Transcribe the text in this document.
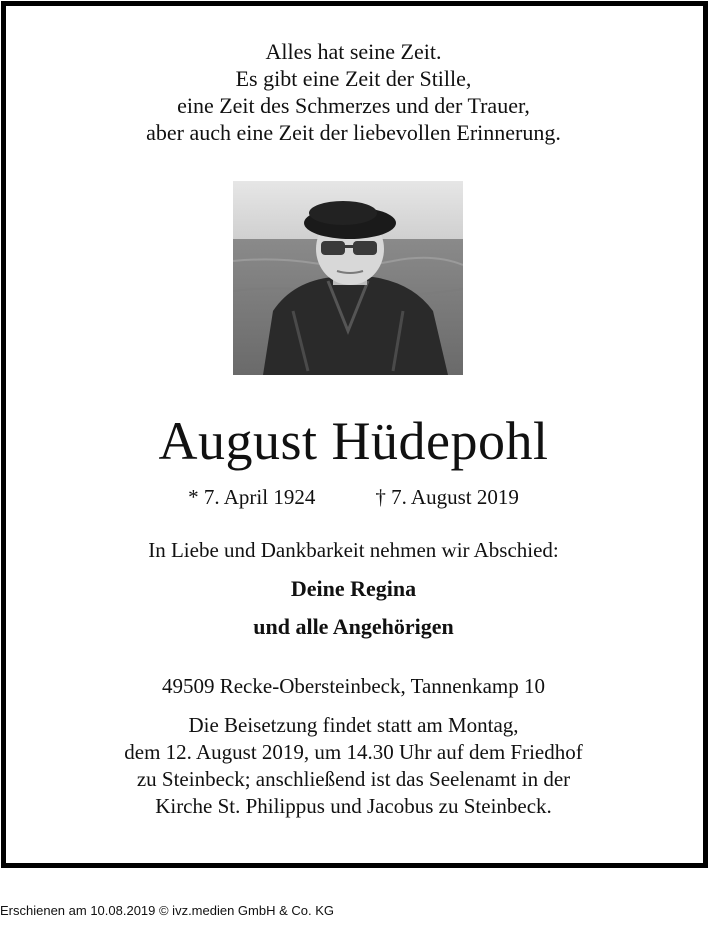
Alles hat seine Zeit.
Es gibt eine Zeit der Stille,
eine Zeit des Schmerzes und der Trauer,
aber auch eine Zeit der liebevollen Erinnerung.
August Hüdepohl
* 7. April 1924	† 7. August 2019
In Liebe und Dankbarkeit nehmen wir Abschied:
Deine Regina
und alle Angehörigen
49509 Recke-Obersteinbeck, Tannenkamp 10
Die Beisetzung findet statt am Montag,
dem 12. August 2019, um 14.30 Uhr auf dem Friedhof
zu Steinbeck; anschließend ist das Seelenamt in der
Kirche St. Philippus und Jacobus zu Steinbeck.
Erschienen am 10.08.2019 © ivz.medien GmbH & Co. KG
